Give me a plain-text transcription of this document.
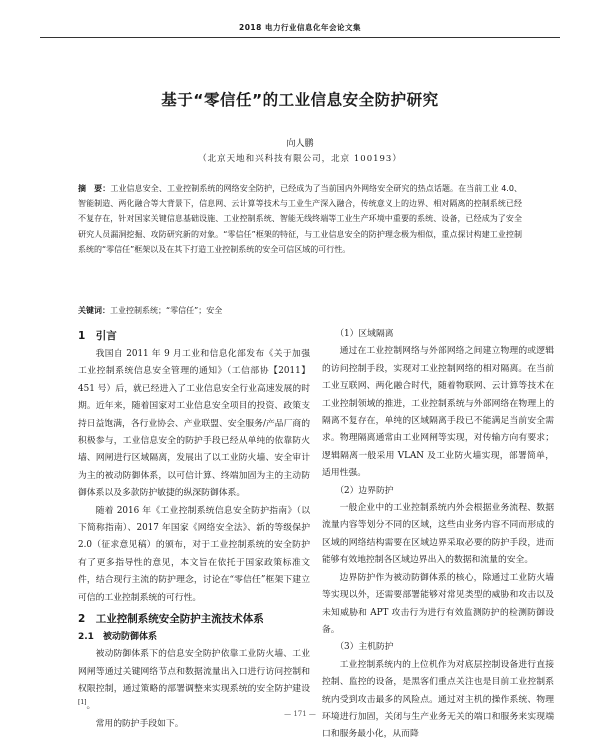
2018 电力行业信息化年会论文集
基于“零信任”的工业信息安全防护研究
向人鹏
（北京天地和兴科技有限公司，北京 100193）
摘　要：工业信息安全、工业控制系统的网络安全防护，已经成为了当前国内外网络安全研究的热点话题。在当前工业 4.0、智能制造、两化融合等大背景下，信息网、云计算等技术与工业生产深入融合，传统意义上的边界、相对隔离的控制系统已经不复存在，针对国家关键信息基础设施、工业控制系统、智能无线终端等工业生产环境中重要的系统、设备，已经成为了安全研究人员漏洞挖掘、攻防研究新的对象。“零信任”框架的特征，与工业信息安全的防护理念极为相似，重点探讨构建工业控制系统的“零信任”框架以及在其下打造工业控制系统的安全可信区域的可行性。
关键词：工业控制系统；“零信任”；安全
1　引言

我国自 2011 年 9 月工业和信息化部发布《关于加强工业控制系统信息安全管理的通知》（工信部协【2011】451 号）后，就已经进入了工业信息安全行业高速发展的时期。近年来，随着国家对工业信息安全项目的投资、政策支持日益饱满，各行业协会、产业联盟、安全服务/产品厂商的积极参与，工业信息安全的防护手段已经从单纯的依靠防火墙、网闸进行区域隔离，发展出了以工业防火墙、安全审计为主的被动防御体系，以可信计算、终端加固为主的主动防御体系以及多款防护敏捷的纵深防御体系。

随着 2016 年《工业控制系统信息安全防护指南》（以下简称指南）、2017 年国家《网络安全法》、新的等级保护 2.0（征求意见稿）的颁布，对于工业控制系统的安全防护有了更多指导性的意见，本文旨在依托于国家政策标准文件，结合现行主流的防护理念，讨论在“零信任”框架下建立可信的工业控制系统的可行性。

2　工业控制系统安全防护主流技术体系
2.1　被动防御体系

被动防御体系下的信息安全防护依靠工业防火墙、工业网闸等通过关键网络节点和数据流量出入口进行访问控制和权限控制，通过策略的部署调整来实现系统的安全防护建设[1]。

常用的防护手段如下。

（1）区域隔离

通过在工业控制网络与外部网络之间建立物理的或逻辑的访问控制手段，实现对工业控制网络的相对隔离。在当前工业互联网、两化融合时代，随着物联网、云计算等技术在工业控制领域的推进，工业控制系统与外部网络在物理上的隔离不复存在，单纯的区域隔离手段已不能满足当前安全需求。物理隔离通常由工业网闸等实现，对传输方向有要求；逻辑隔离一般采用 VLAN 及工业防火墙实现，部署简单，适用性强。

（2）边界防护

一般企业中的工业控制系统内外会根据业务流程、数据流量内容等划分不同的区域，这些由业务内容不同而形成的区域的网络结构需要在区域边界采取必要的防护手段，进而能够有效地控制各区域边界出入的数据和流量的安全。

边界防护作为被动防御体系的核心，除通过工业防火墙等实现以外，还需要部署能够对常见类型的威胁和攻击以及未知威胁和 APT 攻击行为进行有效监测防护的检测防御设备。

（3）主机防护

工业控制系统内的上位机作为对底层控制设备进行直接控制、监控的设备，是黑客们重点关注也是目前工业控制系统内受到攻击最多的风险点。通过对主机的操作系统、物理环境进行加固，关闭与生产业务无关的端口和服务来实现端口和服务最小化，从而降

— 171 —
